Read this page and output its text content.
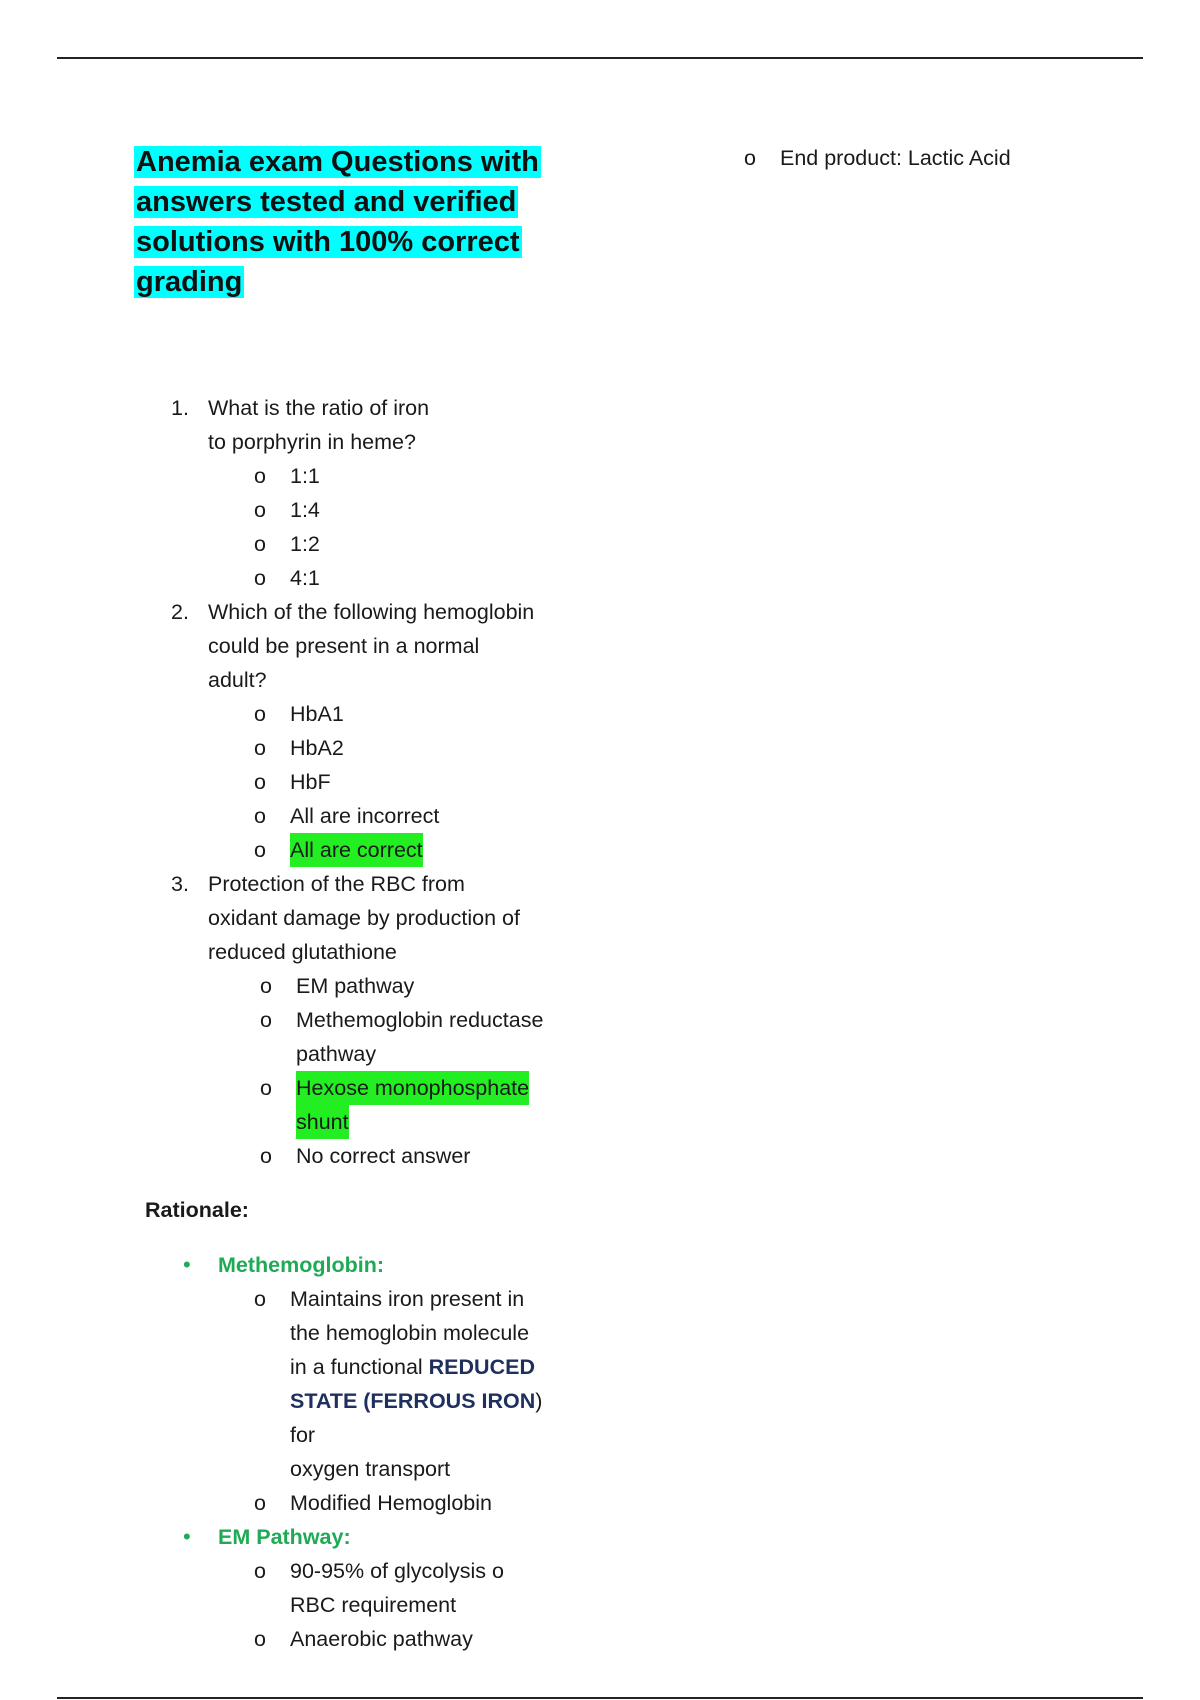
Anemia exam Questions with
answers tested and verified
solutions with 100% correct
grading
o End product: Lactic Acid
1. What is the ratio of iron
to porphyrin in heme?
o 1:1
o 1:4
o 1:2
o 4:1
2. Which of the following hemoglobin
could be present in a normal
adult?
o HbA1
o HbA2
o HbF
o All are incorrect
o All are correct
3. Protection of the RBC from
oxidant damage by production of
reduced glutathione
o EM pathway
o Methemoglobin reductase
pathway
o Hexose monophosphate
shunt
o No correct answer
Rationale:
• Methemoglobin:
o Maintains iron present in
the hemoglobin molecule
in a functional REDUCED
STATE (FERROUS IRON)
for
oxygen transport
o Modified Hemoglobin
• EM Pathway:
o 90-95% of glycolysis o
RBC requirement
o Anaerobic pathway
